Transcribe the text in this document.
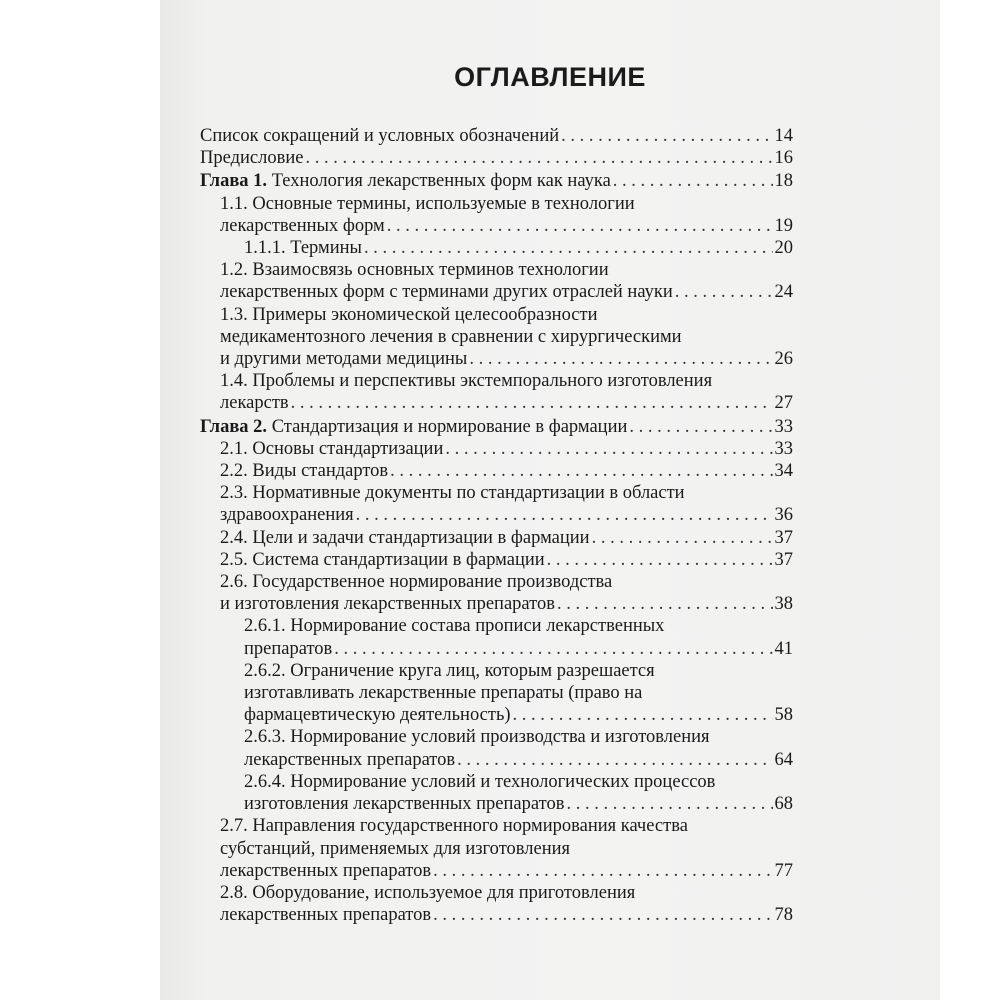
ОГЛАВЛЕНИЕ
Список сокращений и условных обозначений . . .	14
Предисловие . . .	16
Глава 1. Технология лекарственных форм как наука . . .	18
1.1. Основные термины, используемые в технологии
лекарственных форм . . .	19
1.1.1. Термины . . .	20
1.2. Взаимосвязь основных терминов технологии
лекарственных форм с терминами других отраслей науки . . .	24
1.3. Примеры экономической целесообразности
медикаментозного лечения в сравнении с хирургическими
и другими методами медицины . . .	26
1.4. Проблемы и перспективы экстемпорального изготовления
лекарств . . .	27
Глава 2. Стандартизация и нормирование в фармации . . .	33
2.1. Основы стандартизации . . .	33
2.2. Виды стандартов . . .	34
2.3. Нормативные документы по стандартизации в области
здравоохранения . . .	36
2.4. Цели и задачи стандартизации в фармации . . .	37
2.5. Система стандартизации в фармации . . .	37
2.6. Государственное нормирование производства
и изготовления лекарственных препаратов . . .	38
2.6.1. Нормирование состава прописи лекарственных
препаратов . . .	41
2.6.2. Ограничение круга лиц, которым разрешается
изготавливать лекарственные препараты (право на
фармацевтическую деятельность) . . .	58
2.6.3. Нормирование условий производства и изготовления
лекарственных препаратов . . .	64
2.6.4. Нормирование условий и технологических процессов
изготовления лекарственных препаратов . . .	68
2.7. Направления государственного нормирования качества
субстанций, применяемых для изготовления
лекарственных препаратов . . .	77
2.8. Оборудование, используемое для приготовления
лекарственных препаратов . . .	78
